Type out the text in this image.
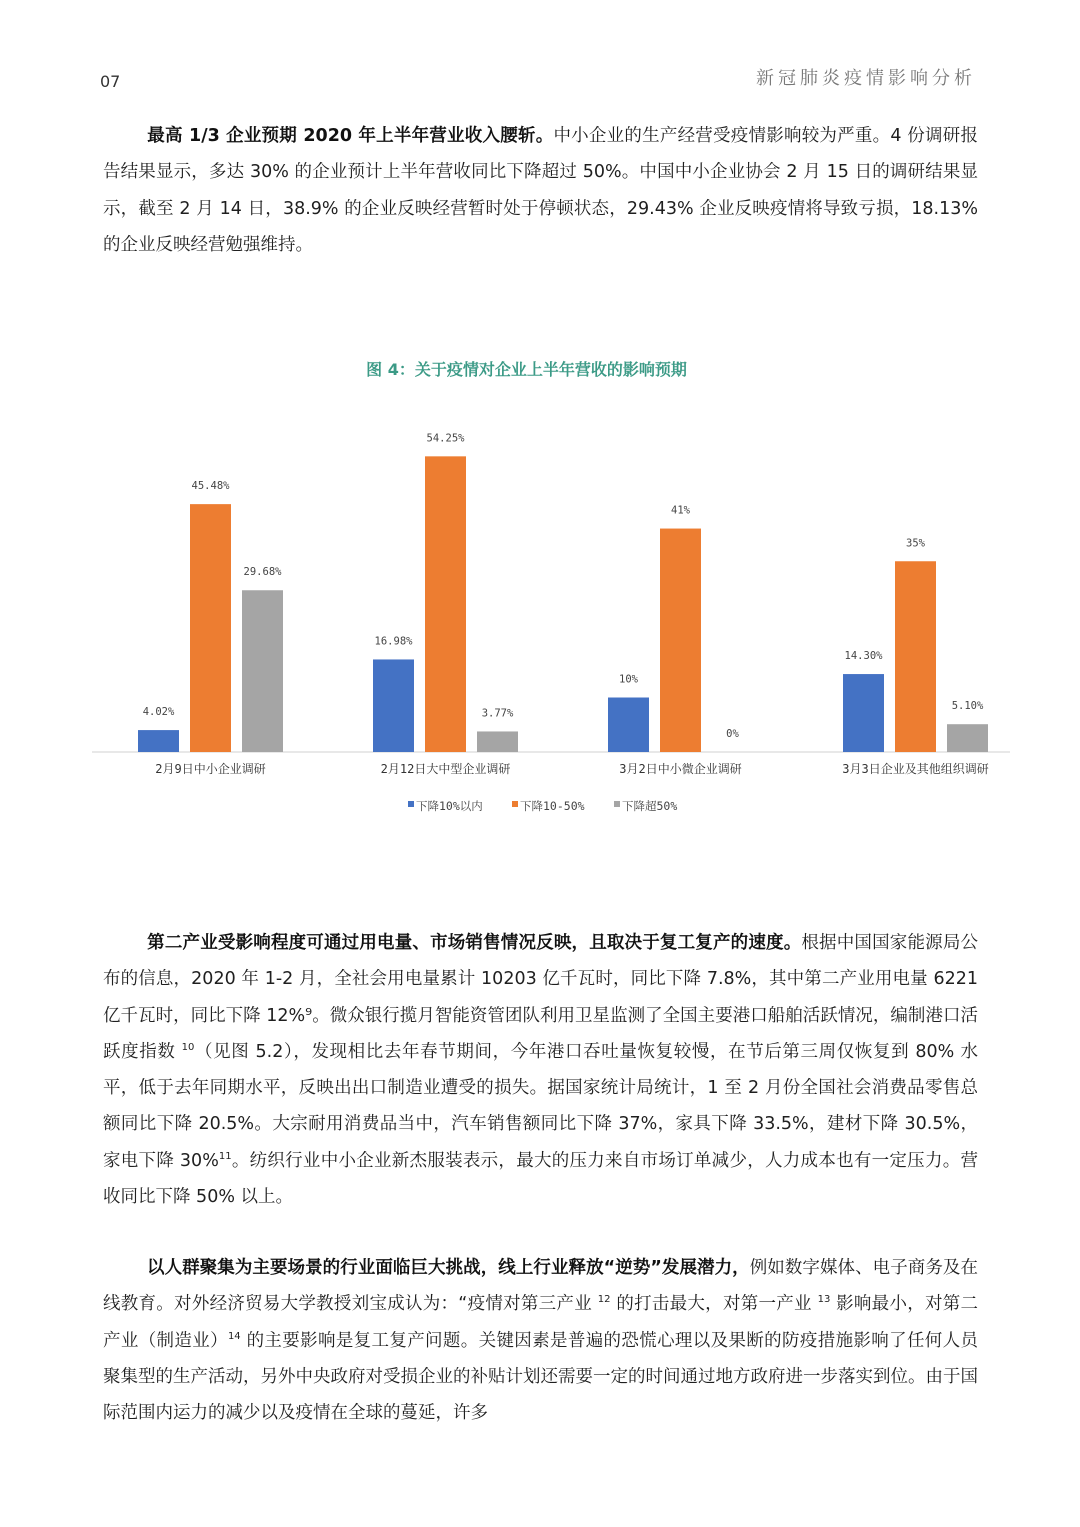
07	新冠肺炎疫情影响分析

最高 1/3 企业预期 2020 年上半年营业收入腰斩。中小企业的生产经营受疫情影响较为严重。4 份调研报告结果显示，多达 30% 的企业预计上半年营收同比下降超过 50%。中国中小企业协会 2 月 15 日的调研结果显示，截至 2 月 14 日，38.9% 的企业反映经营暂时处于停顿状态，29.43% 企业反映疫情将导致亏损，18.13% 的企业反映经营勉强维持。

图 4：关于疫情对企业上半年营收的影响预期
4.02%
45.48%
29.68%
2月9日中小企业调研
16.98%
54.25%
3.77%
2月12日大中型企业调研
10%
41%
0%
3月2日中小微企业调研
14.30%
35%
5.10%
3月3日企业及其他组织调研
下降10%以内	下降10-50%	下降超50%

第二产业受影响程度可通过用电量、市场销售情况反映，且取决于复工复产的速度。根据中国国家能源局公布的信息，2020 年 1-2 月，全社会用电量累计 10203 亿千瓦时，同比下降 7.8%，其中第二产业用电量 6221 亿千瓦时，同比下降 12%⁹。微众银行揽月智能资管团队利用卫星监测了全国主要港口船舶活跃情况，编制港口活跃度指数 $^{10}$（见图 5.2），发现相比去年春节期间，今年港口吞吐量恢复较慢，在节后第三周仅恢复到 80% 水平，低于去年同期水平，反映出出口制造业遭受的损失。据国家统计局统计，1 至 2 月份全国社会消费品零售总额同比下降 20.5%。大宗耐用消费品当中，汽车销售额同比下降 37%，家具下降 33.5%，建材下降 30.5%，家电下降 30%$^{11}$。纺织行业中小企业新杰服装表示，最大的压力来自市场订单减少，人力成本也有一定压力。营收同比下降 50% 以上。

以人群聚集为主要场景的行业面临巨大挑战，线上行业释放“逆势”发展潜力，例如数字媒体、电子商务及在线教育。对外经济贸易大学教授刘宝成认为：“疫情对第三产业 $^{12}$ 的打击最大，对第一产业 $^{13}$ 影响最小，对第二产业（制造业）$^{14}$ 的主要影响是复工复产问题。关键因素是普遍的恐慌心理以及果断的防疫措施影响了任何人员聚集型的生产活动，另外中央政府对受损企业的补贴计划还需要一定的时间通过地方政府进一步落实到位。由于国际范围内运力的减少以及疫情在全球的蔓延，许多
